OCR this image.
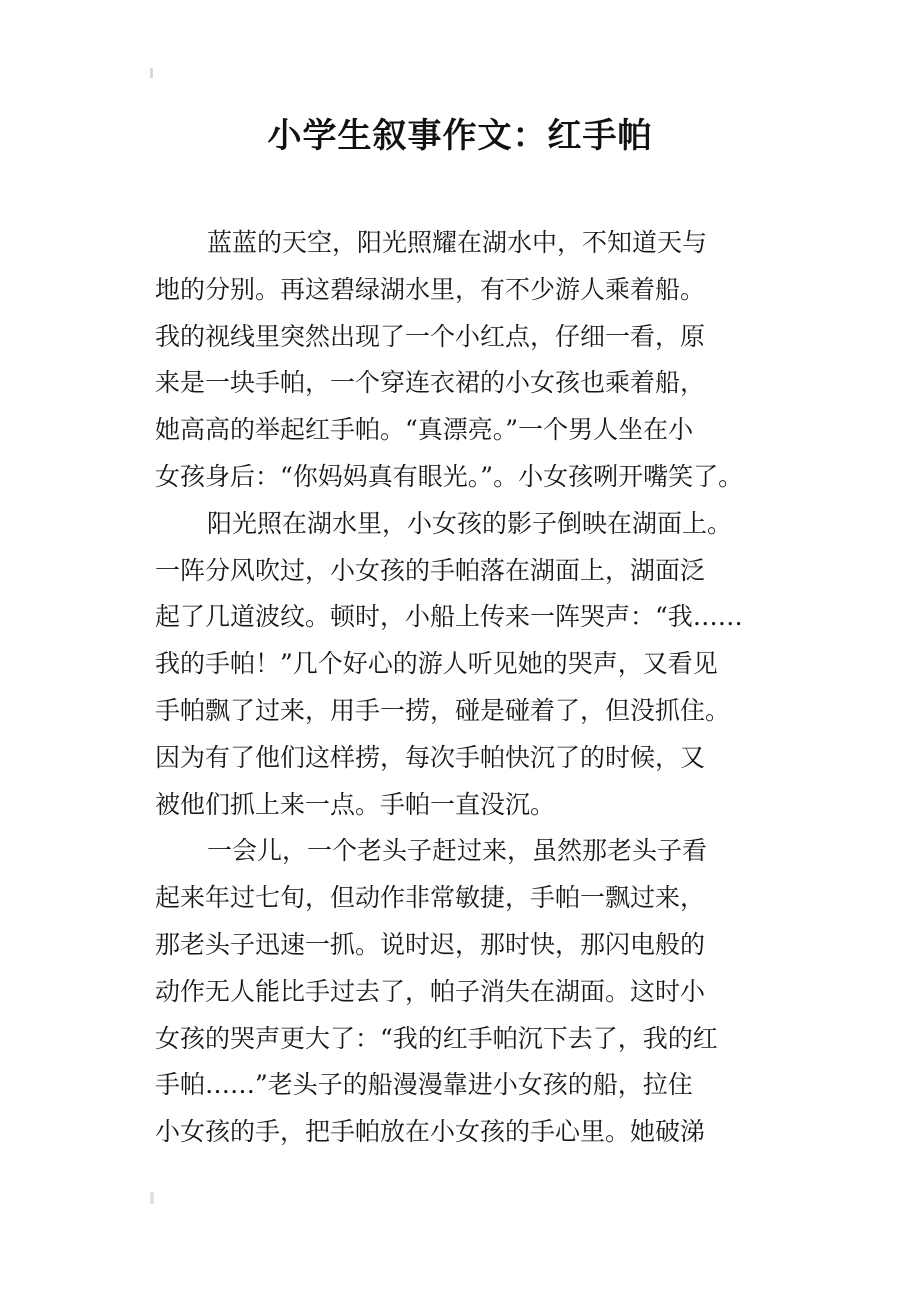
小学生叙事作文：红手帕
蓝蓝的天空，阳光照耀在湖水中，不知道天与
地的分别。再这碧绿湖水里，有不少游人乘着船。
我的视线里突然出现了一个小红点，仔细一看，原
来是一块手帕，一个穿连衣裙的小女孩也乘着船，
她高高的举起红手帕。“真漂亮。”一个男人坐在小
女孩身后：“你妈妈真有眼光。”。小女孩咧开嘴笑了。
阳光照在湖水里，小女孩的影子倒映在湖面上。
一阵分风吹过，小女孩的手帕落在湖面上，湖面泛
起了几道波纹。顿时，小船上传来一阵哭声：“我……
我的手帕！”几个好心的游人听见她的哭声，又看见
手帕飘了过来，用手一捞，碰是碰着了，但没抓住。
因为有了他们这样捞，每次手帕快沉了的时候，又
被他们抓上来一点。手帕一直没沉。
一会儿，一个老头子赶过来，虽然那老头子看
起来年过七旬，但动作非常敏捷，手帕一飘过来，
那老头子迅速一抓。说时迟，那时快，那闪电般的
动作无人能比手过去了，帕子消失在湖面。这时小
女孩的哭声更大了：“我的红手帕沉下去了，我的红
手帕……”老头子的船漫漫靠进小女孩的船，拉住
小女孩的手，把手帕放在小女孩的手心里。她破涕
